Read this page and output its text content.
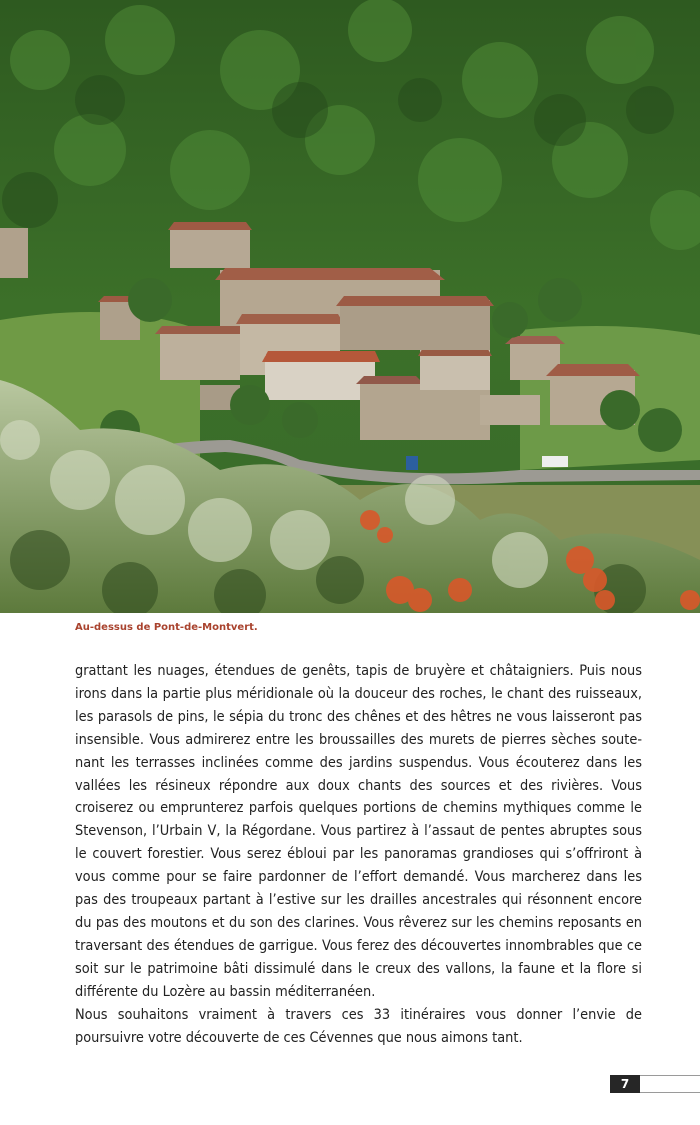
Au-dessus de Pont-de-Montvert.

grattant les nuages, étendues de genêts, tapis de bruyère et châtaigniers. Puis nous irons dans la partie plus méridionale où la douceur des roches, le chant des ruisseaux, les parasols de pins, le sépia du tronc des chênes et des hêtres ne vous laisseront pas insensible. Vous admirerez entre les broussailles des murets de pierres sèches soutenant les terrasses inclinées comme des jardins suspendus. Vous écouterez dans les vallées les résineux répondre aux doux chants des sources et des rivières. Vous croiserez ou emprunterez parfois quelques portions de chemins mythiques comme le Stevenson, l’Urbain V, la Régordane. Vous partirez à l’assaut de pentes abruptes sous le couvert forestier. Vous serez ébloui par les panoramas grandioses qui s’offriront à vous comme pour se faire pardonner de l’effort demandé. Vous marcherez dans les pas des troupeaux partant à l’estive sur les drailles ancestrales qui résonnent encore du pas des moutons et du son des clarines. Vous rêverez sur les chemins reposants en traversant des étendues de garrigue. Vous ferez des découvertes innombrables que ce soit sur le patrimoine bâti dissimulé dans le creux des vallons, la faune et la flore si différente du Lozère au bassin méditerranéen.

Nous souhaitons vraiment à travers ces 33 itinéraires vous donner l’envie de poursuivre votre découverte de ces Cévennes que nous aimons tant.

7
